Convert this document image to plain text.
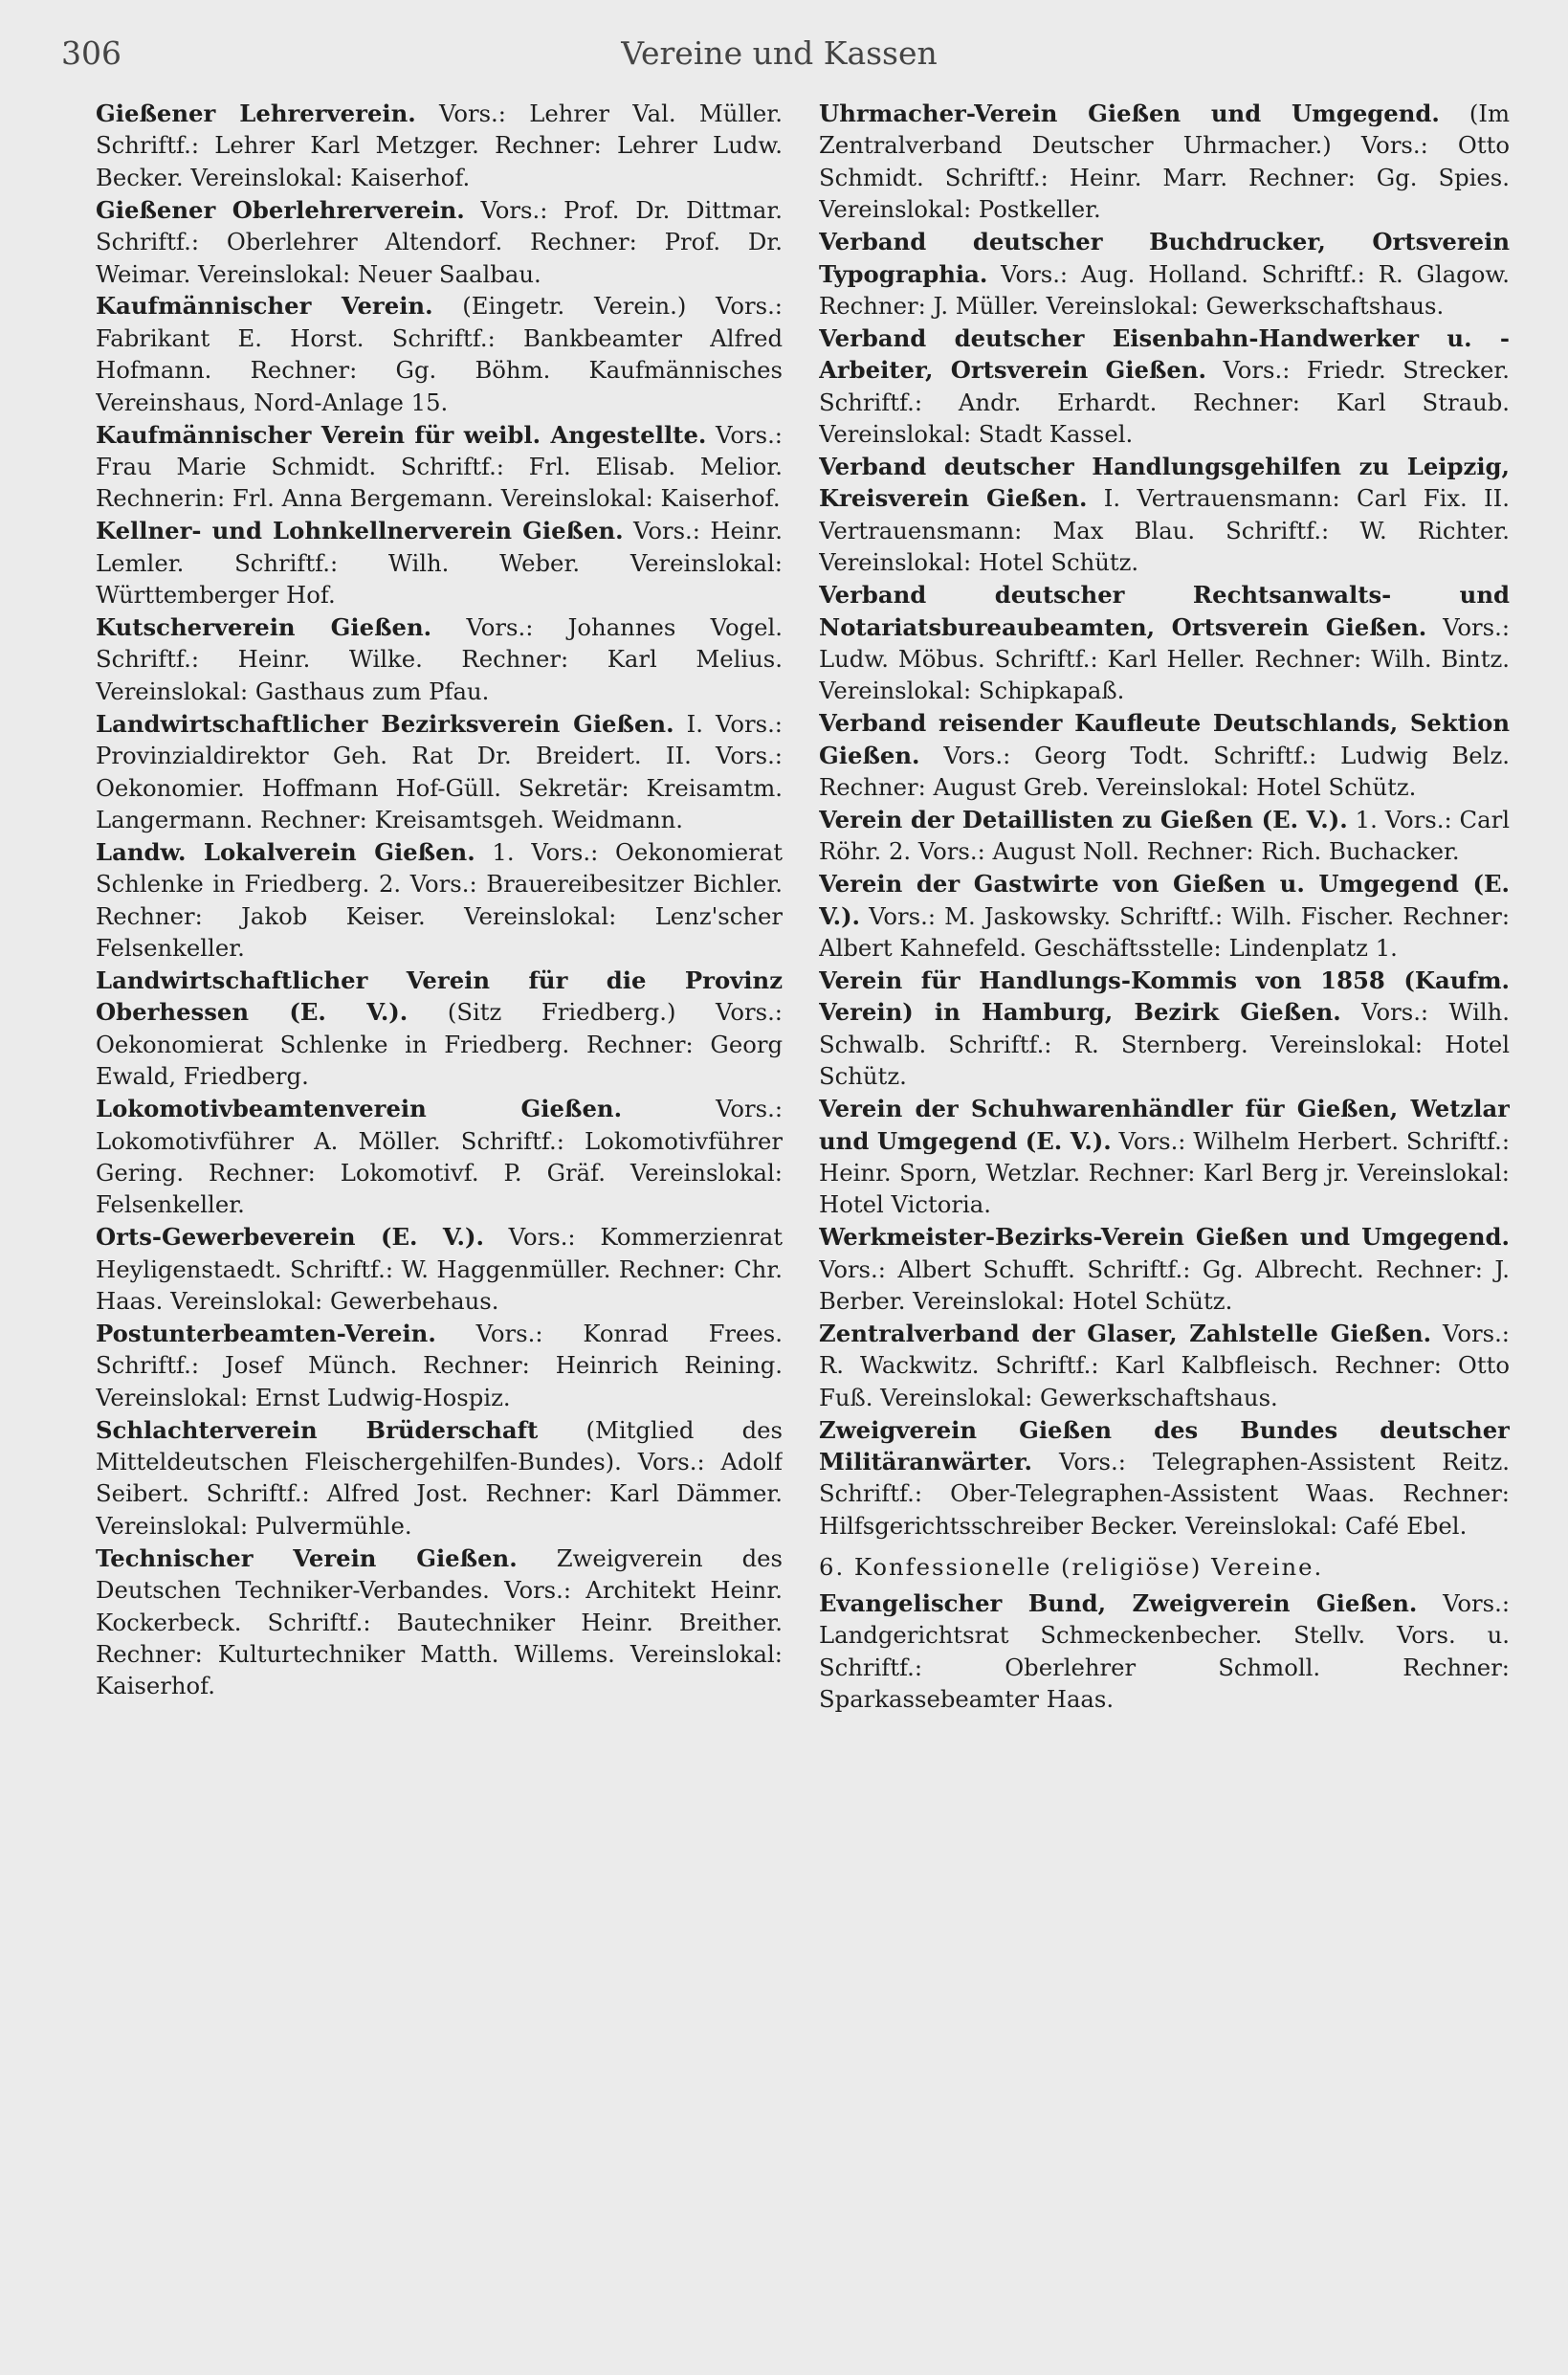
306	Vereine und Kassen
Gießener Lehrerverein. Vors.: Lehrer Val. Müller. Schriftf.: Lehrer Karl Metzger. Rechner: Lehrer Ludw. Becker. Vereinslokal: Kaiserhof.
Gießener Oberlehrerverein. Vors.: Prof. Dr. Dittmar. Schriftf.: Oberlehrer Altendorf. Rechner: Prof. Dr. Weimar. Vereinslokal: Neuer Saalbau.
Kaufmännischer Verein. (Eingetr. Verein.) Vors.: Fabrikant E. Horst. Schriftf.: Bankbeamter Alfred Hofmann. Rechner: Gg. Böhm. Kaufmännisches Vereinshaus, Nord-Anlage 15.
Kaufmännischer Verein für weibl. Angestellte. Vors.: Frau Marie Schmidt. Schriftf.: Frl. Elisab. Melior. Rechnerin: Frl. Anna Bergemann. Vereinslokal: Kaiserhof.
Kellner- und Lohnkellnerverein Gießen. Vors.: Heinr. Lemler. Schriftf.: Wilh. Weber. Vereinslokal: Württemberger Hof.
Kutscherverein Gießen. Vors.: Johannes Vogel. Schriftf.: Heinr. Wilke. Rechner: Karl Melius. Vereinslokal: Gasthaus zum Pfau.
Landwirtschaftlicher Bezirksverein Gießen. I. Vors.: Provinzialdirektor Geh. Rat Dr. Breidert. II. Vors.: Oekonomier. Hoffmann Hof-Güll. Sekretär: Kreisamtm. Langermann. Rechner: Kreisamtsgeh. Weidmann.
Landw. Lokalverein Gießen. 1. Vors.: Oekonomierat Schlenke in Friedberg. 2. Vors.: Brauereibesitzer Bichler. Rechner: Jakob Keiser. Vereinslokal: Lenz'scher Felsenkeller.
Landwirtschaftlicher Verein für die Provinz Oberhessen (E. V.). (Sitz Friedberg.) Vors.: Oekonomierat Schlenke in Friedberg. Rechner: Georg Ewald, Friedberg.
Lokomotivbeamtenverein Gießen.	Vors.: Lokomotivführer A. Möller. Schriftf.: Lokomotivführer Gering. Rechner: Lokomotivf. P. Gräf. Vereinslokal: Felsenkeller.
Orts-Gewerbeverein (E. V.). Vors.: Kommerzienrat Heyligenstaedt. Schriftf.: W. Haggenmüller. Rechner: Chr. Haas. Vereinslokal: Gewerbehaus.
Postunterbeamten-Verein. Vors.: Konrad Frees. Schriftf.: Josef Münch. Rechner: Heinrich Reining. Vereinslokal: Ernst Ludwig-Hospiz.
Schlachterverein Brüderschaft (Mitglied des Mitteldeutschen Fleischergehilfen-Bundes). Vors.: Adolf Seibert. Schriftf.: Alfred Jost. Rechner: Karl Dämmer. Vereinslokal: Pulvermühle.
Technischer Verein Gießen. Zweigverein des Deutschen Techniker-Verbandes. Vors.: Architekt Heinr. Kockerbeck. Schriftf.: Bautechniker Heinr. Breither. Rechner: Kulturtechniker Matth. Willems. Vereinslokal: Kaiserhof.
Uhrmacher-Verein Gießen und Umgegend. (Im Zentralverband Deutscher Uhrmacher.) Vors.: Otto Schmidt. Schriftf.: Heinr. Marr. Rechner: Gg. Spies. Vereinslokal: Postkeller.
Verband deutscher Buchdrucker, Ortsverein Typographia. Vors.: Aug. Holland. Schriftf.: R. Glagow. Rechner: J. Müller. Vereinslokal: Gewerkschaftshaus.
Verband deutscher Eisenbahn-Handwerker u. -Arbeiter, Ortsverein Gießen. Vors.: Friedr. Strecker. Schriftf.: Andr. Erhardt. Rechner: Karl Straub. Vereinslokal: Stadt Kassel.
Verband deutscher Handlungsgehilfen zu Leipzig, Kreisverein Gießen. I. Vertrauensmann: Carl Fix. II. Vertrauensmann: Max Blau. Schriftf.: W. Richter. Vereinslokal: Hotel Schütz.
Verband deutscher Rechtsanwalts- und Notariatsbureaubeamten, Ortsverein Gießen. Vors.: Ludw. Möbus. Schriftf.: Karl Heller. Rechner: Wilh. Bintz. Vereinslokal: Schipkapaß.
Verband reisender Kaufleute Deutschlands, Sektion Gießen. Vors.: Georg Todt. Schriftf.: Ludwig Belz. Rechner: August Greb. Vereinslokal: Hotel Schütz.
Verein der Detaillisten zu Gießen (E. V.). 1. Vors.: Carl Röhr. 2. Vors.: August Noll. Rechner: Rich. Buchacker.
Verein der Gastwirte von Gießen u. Umgegend (E. V.). Vors.: M. Jaskowsky. Schriftf.: Wilh. Fischer. Rechner: Albert Kahnefeld. Geschäftsstelle: Lindenplatz 1.
Verein für Handlungs-Kommis von 1858 (Kaufm. Verein) in Hamburg, Bezirk Gießen. Vors.: Wilh. Schwalb. Schriftf.: R. Sternberg. Vereinslokal: Hotel Schütz.
Verein der Schuhwarenhändler für Gießen, Wetzlar und Umgegend (E. V.). Vors.: Wilhelm Herbert. Schriftf.: Heinr. Sporn, Wetzlar. Rechner: Karl Berg jr. Vereinslokal: Hotel Victoria.
Werkmeister-Bezirks-Verein Gießen und Umgegend. Vors.: Albert Schufft. Schriftf.: Gg. Albrecht. Rechner: J. Berber. Vereinslokal: Hotel Schütz.
Zentralverband der Glaser, Zahlstelle Gießen. Vors.: R. Wackwitz. Schriftf.: Karl Kalbfleisch. Rechner: Otto Fuß. Vereinslokal: Gewerkschaftshaus.
Zweigverein Gießen des Bundes deutscher Militäranwärter. Vors.: Telegraphen-Assistent Reitz. Schriftf.: Ober-Telegraphen-Assistent Waas. Rechner: Hilfsgerichtsschreiber Becker. Vereinslokal: Café Ebel.
6. Konfessionelle (religiöse) Vereine.
Evangelischer Bund, Zweigverein Gießen. Vors.: Landgerichtsrat Schmeckenbecher. Stellv. Vors. u. Schriftf.: Oberlehrer Schmoll. Rechner: Sparkassebeamter Haas.
